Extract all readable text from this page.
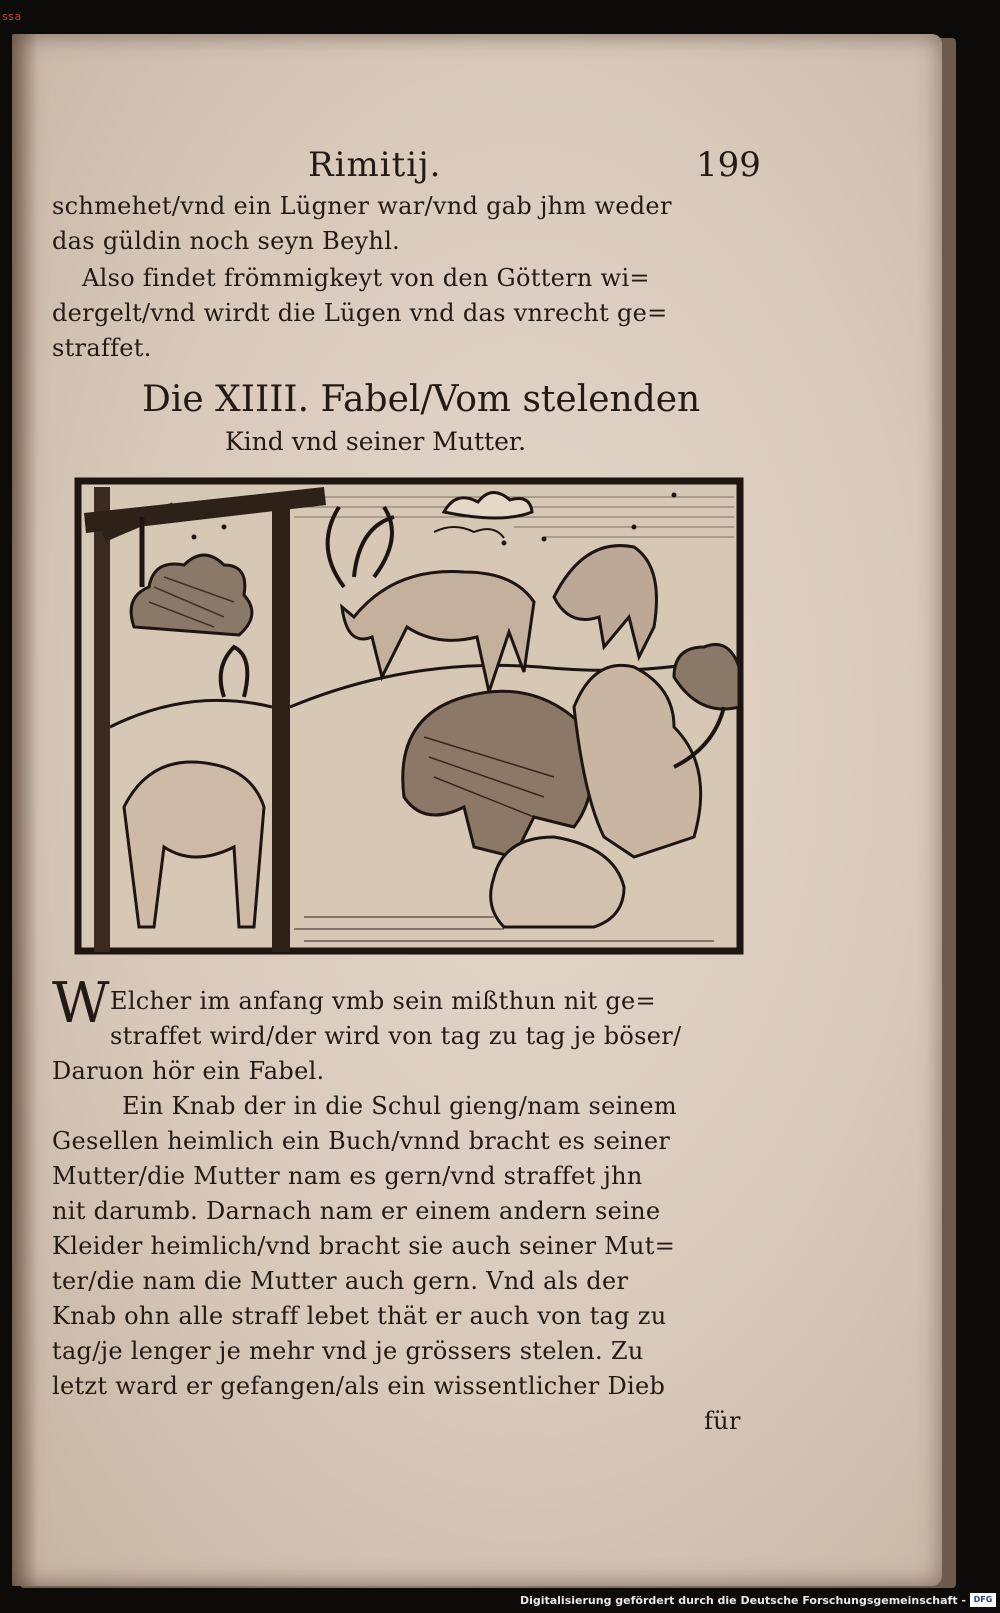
ssa
Rimitij.	199
schmehet/vnd ein Lügner war/vnd gab jhm weder
das güldin noch seyn Beyhl.
Also findet frömmigkeyt von den Göttern wi=
dergelt/vnd wirdt die Lügen vnd das vnrecht ge=
straffet.
Die XIIII. Fabel/Vom stelenden
Kind vnd seiner Mutter.
W Elcher im anfang vmb sein mißthun nit ge=
straffet wird/der wird von tag zu tag je böser/
Daruon hör ein Fabel.
Ein Knab der in die Schul gieng/nam seinem
Gesellen heimlich ein Buch/vnnd bracht es seiner
Mutter/die Mutter nam es gern/vnd straffet jhn
nit darumb. Darnach nam er einem andern seine
Kleider heimlich/vnd bracht sie auch seiner Mut=
ter/die nam die Mutter auch gern. Vnd als der
Knab ohn alle straff lebet thät er auch von tag zu
tag/je lenger je mehr vnd je grössers stelen. Zu
letzt ward er gefangen/als ein wissentlicher Dieb
für
Digitalisierung gefördert durch die Deutsche Forschungsgemeinschaft - DFG
